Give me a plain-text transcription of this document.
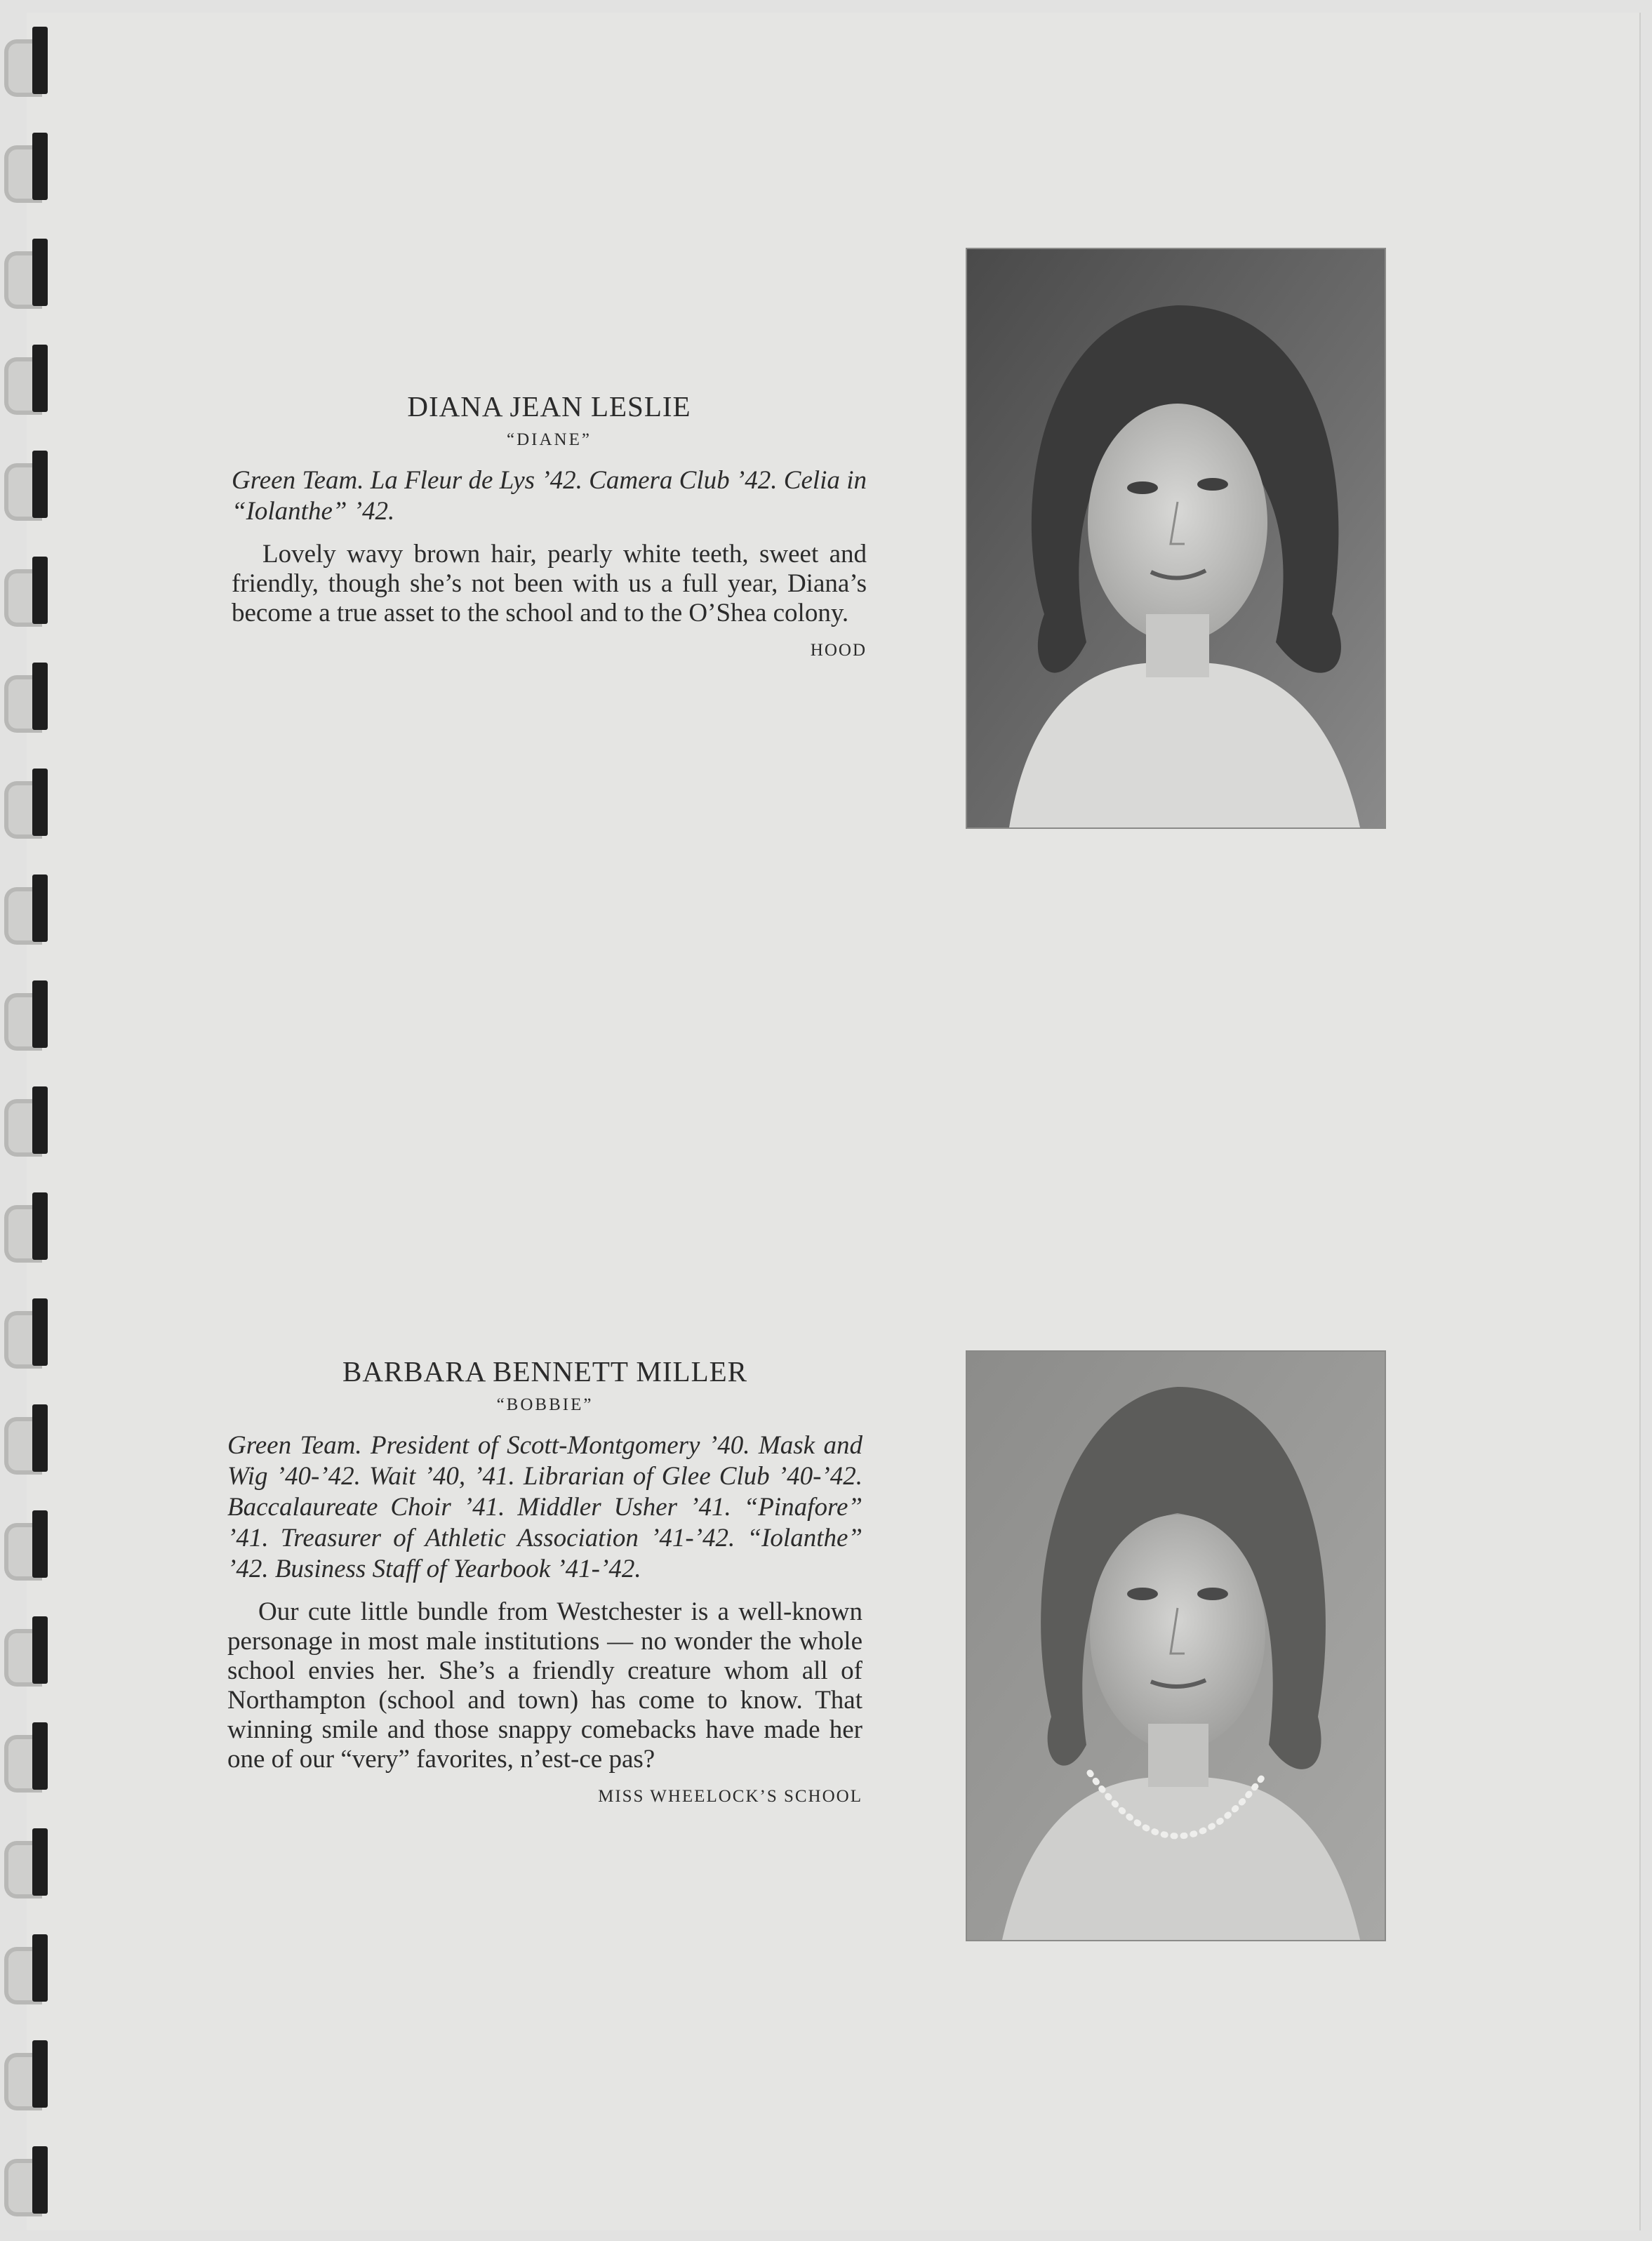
DIANA JEAN LESLIE
“DIANE”

Green Team. La Fleur de Lys ’42. Camera Club ’42. Celia in “Iolanthe” ’42.

Lovely wavy brown hair, pearly white teeth, sweet and friendly, though she’s not been with us a full year, Diana’s become a true asset to the school and to the O’Shea colony.

HOOD

BARBARA BENNETT MILLER
“BOBBIE”

Green Team. President of Scott-Montgomery ’40. Mask and Wig ’40-’42. Wait ’40, ’41. Librarian of Glee Club ’40-’42. Baccalaureate Choir ’41. Middler Usher ’41. “Pinafore” ’41. Treasurer of Athletic Association ’41-’42. “Iolanthe” ’42. Business Staff of Yearbook ’41-’42.

Our cute little bundle from Westchester is a well-known personage in most male institutions — no wonder the whole school envies her. She’s a friendly creature whom all of Northampton (school and town) has come to know. That winning smile and those snappy comebacks have made her one of our “very” favorites, n’est-ce pas?

MISS WHEELOCK’S SCHOOL
